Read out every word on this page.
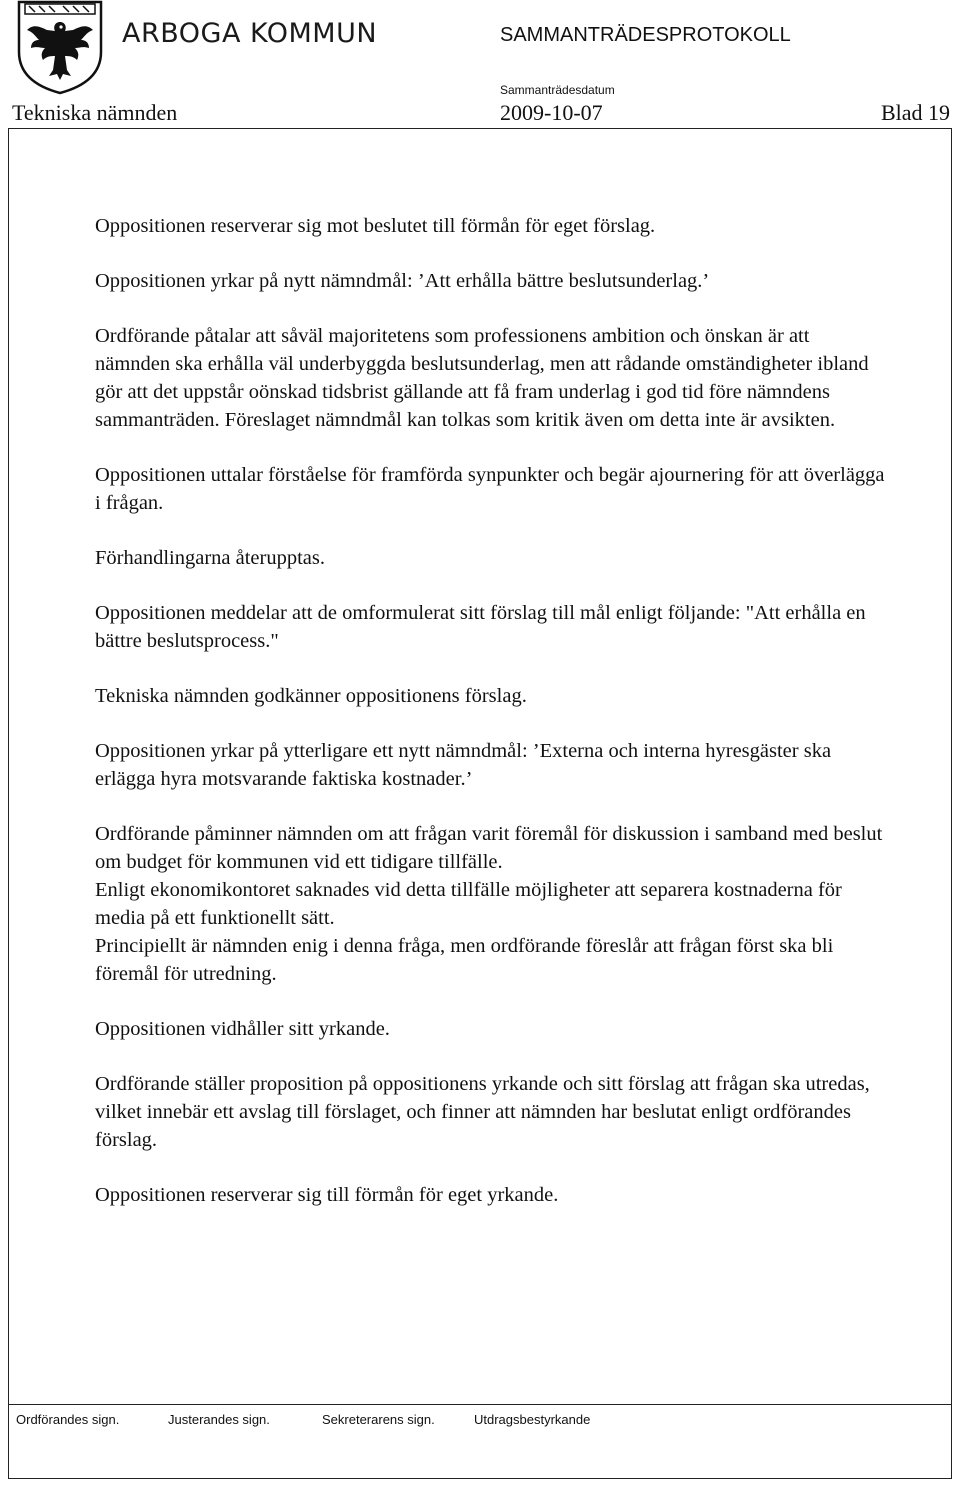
ARBOGA KOMMUN	SAMMANTRÄDESPROTOKOLL
Sammanträdesdatum
Tekniska nämnden	2009-10-07	Blad 19

Oppositionen reserverar sig mot beslutet till förmån för eget förslag.

Oppositionen yrkar på nytt nämndmål: ’Att erhålla bättre beslutsunderlag.’

Ordförande påtalar att såväl majoritetens som professionens ambition och önskan är att nämnden ska erhålla väl underbyggda beslutsunderlag, men att rådande omständigheter ibland gör att det uppstår oönskad tidsbrist gällande att få fram underlag i god tid före nämndens sammanträden. Föreslaget nämndmål kan tolkas som kritik även om detta inte är avsikten.

Oppositionen uttalar förståelse för framförda synpunkter och begär ajournering för att överlägga i frågan.

Förhandlingarna återupptas.

Oppositionen meddelar att de omformulerat sitt förslag till mål enligt följande: "Att erhålla en bättre beslutsprocess."

Tekniska nämnden godkänner oppositionens förslag.

Oppositionen yrkar på ytterligare ett nytt nämndmål: ’Externa och interna hyresgäster ska erlägga hyra motsvarande faktiska kostnader.’

Ordförande påminner nämnden om att frågan varit föremål för diskussion i samband med beslut om budget för kommunen vid ett tidigare tillfälle.

Enligt ekonomikontoret saknades vid detta tillfälle möjligheter att separera kostnaderna för media på ett funktionellt sätt.

Principiellt är nämnden enig i denna fråga, men ordförande föreslår att frågan först ska bli föremål för utredning.

Oppositionen vidhåller sitt yrkande.

Ordförande ställer proposition på oppositionens yrkande och sitt förslag att frågan ska utredas, vilket innebär ett avslag till förslaget, och finner att nämnden har beslutat enligt ordförandes förslag.

Oppositionen reserverar sig till förmån för eget yrkande.

Ordförandes sign.	Justerandes sign.	Sekreterarens sign.	Utdragsbestyrkande
